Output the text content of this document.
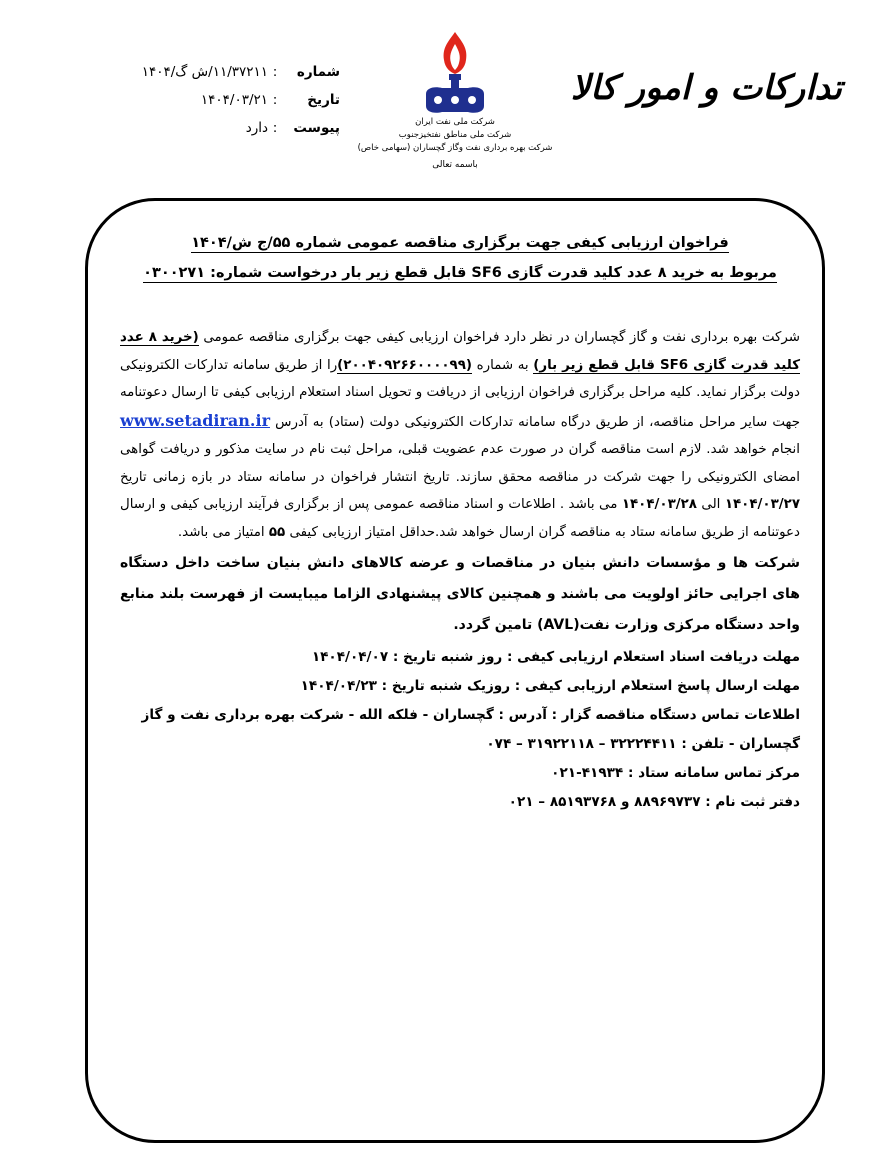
تدارکات و امور کالا
شرکت ملی نفت ایران
شرکت ملی مناطق نفتخیزجنوب
شرکت بهره برداری نفت وگاز گچساران (سهامی خاص)
باسمه تعالی
شماره:۱۱/۳۷۲۱۱/ش گ/۱۴۰۴
تاریخ:۱۴۰۴/۰۳/۲۱
پیوست:دارد
فراخوان ارزیابی کیفی جهت برگزاری مناقصه عمومی شماره ۵۵/ج ش/۱۴۰۴
مربوط به خرید ۸ عدد کلید قدرت گازی SF6 قابل قطع زیر بار درخواست شماره: ۰۳۰۰۲۷۱
شرکت بهره برداری نفت و گاز گچساران در نظر دارد فراخوان ارزیابی کیفی جهت برگزاری مناقصه عمومی (خرید ۸ عدد کلید قدرت گازی SF6 قابل قطع زیر بار) به شماره (۲۰۰۴۰۹۲۶۶۰۰۰۰۹۹)را از طریق سامانه تدارکات الکترونیکی دولت برگزار نماید. کلیه مراحل برگزاری فراخوان ارزیابی از دریافت و تحویل اسناد استعلام ارزیابی کیفی تا ارسال دعوتنامه جهت سایر مراحل مناقصه، از طریق درگاه سامانه تدارکات الکترونیکی دولت (ستاد) به آدرس www.setadiran.ir انجام خواهد شد. لازم است مناقصه گران در صورت عدم عضویت قبلی، مراحل ثبت نام در سایت مذکور و دریافت گواهی امضای الکترونیکی را جهت شرکت در مناقصه محقق سازند. تاریخ انتشار فراخوان در سامانه ستاد در بازه زمانی تاریخ ۱۴۰۴/۰۳/۲۷ الی ۱۴۰۴/۰۳/۲۸ می باشد . اطلاعات و اسناد مناقصه عمومی پس از برگزاری فرآیند ارزیابی کیفی و ارسال دعوتنامه از طریق سامانه ستاد به مناقصه گران ارسال خواهد شد.حداقل امتیاز ارزیابی کیفی ۵۵ امتیاز می باشد.
شرکت ها و مؤسسات دانش بنیان در مناقصات و عرضه کالاهای دانش بنیان ساخت داخل دستگاه های اجرایی حائز اولویت می باشند و همچنین کالای پیشنهادی الزاما میبایست از فهرست بلند منابع واحد دستگاه مرکزی وزارت نفت(AVL) تامین گردد.
مهلت دریافت اسناد استعلام ارزیابی کیفی : روز شنبه تاریخ : ۱۴۰۴/۰۴/۰۷
مهلت ارسال پاسخ استعلام ارزیابی کیفی : روزیک شنبه تاریخ : ۱۴۰۴/۰۴/۲۳
اطلاعات تماس دستگاه مناقصه گزار : آدرس : گچساران - فلکه الله - شرکت بهره برداری نفت و گاز گچساران - تلفن : ۳۲۲۲۴۴۱۱ – ۳۱۹۲۲۱۱۸ – ۰۷۴
مرکز تماس سامانه ستاد : ۴۱۹۳۴-۰۲۱
دفتر ثبت نام : ۸۸۹۶۹۷۳۷ و ۸۵۱۹۳۷۶۸ – ۰۲۱
